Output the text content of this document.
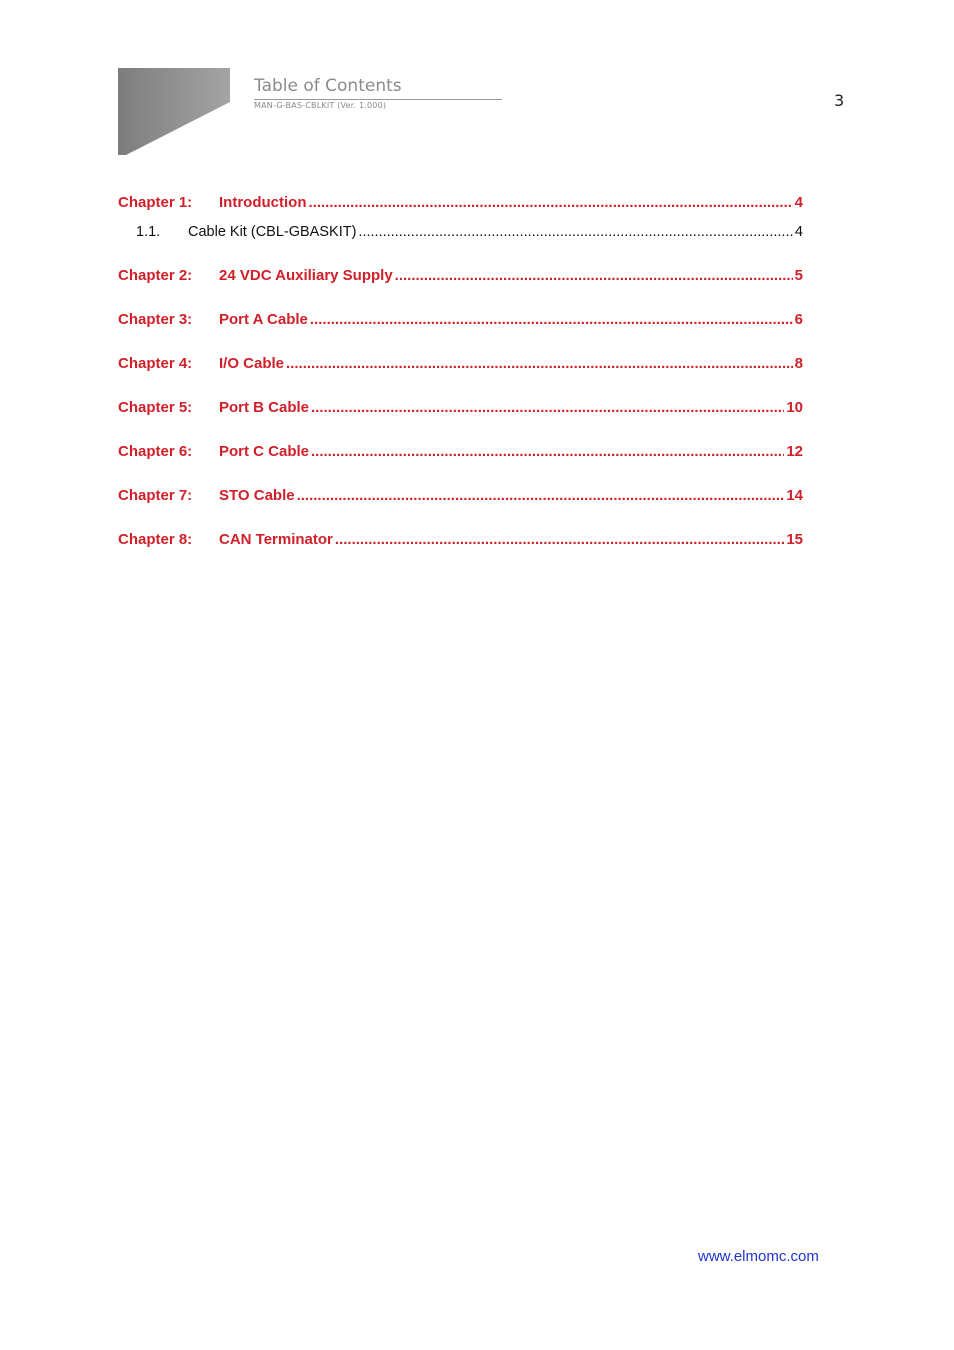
Table of Contents
MAN-G-BAS-CBLKIT (Ver. 1.000)	3
Chapter 1:	Introduction .....	4
1.1.	Cable Kit (CBL-GBASKIT) .....	4
Chapter 2:	24 VDC Auxiliary Supply .....	5
Chapter 3:	Port A Cable .....	6
Chapter 4:	I/O Cable .....	8
Chapter 5:	Port B Cable .....	10
Chapter 6:	Port C Cable .....	12
Chapter 7:	STO Cable .....	14
Chapter 8:	CAN Terminator .....	15
www.elmomc.com
